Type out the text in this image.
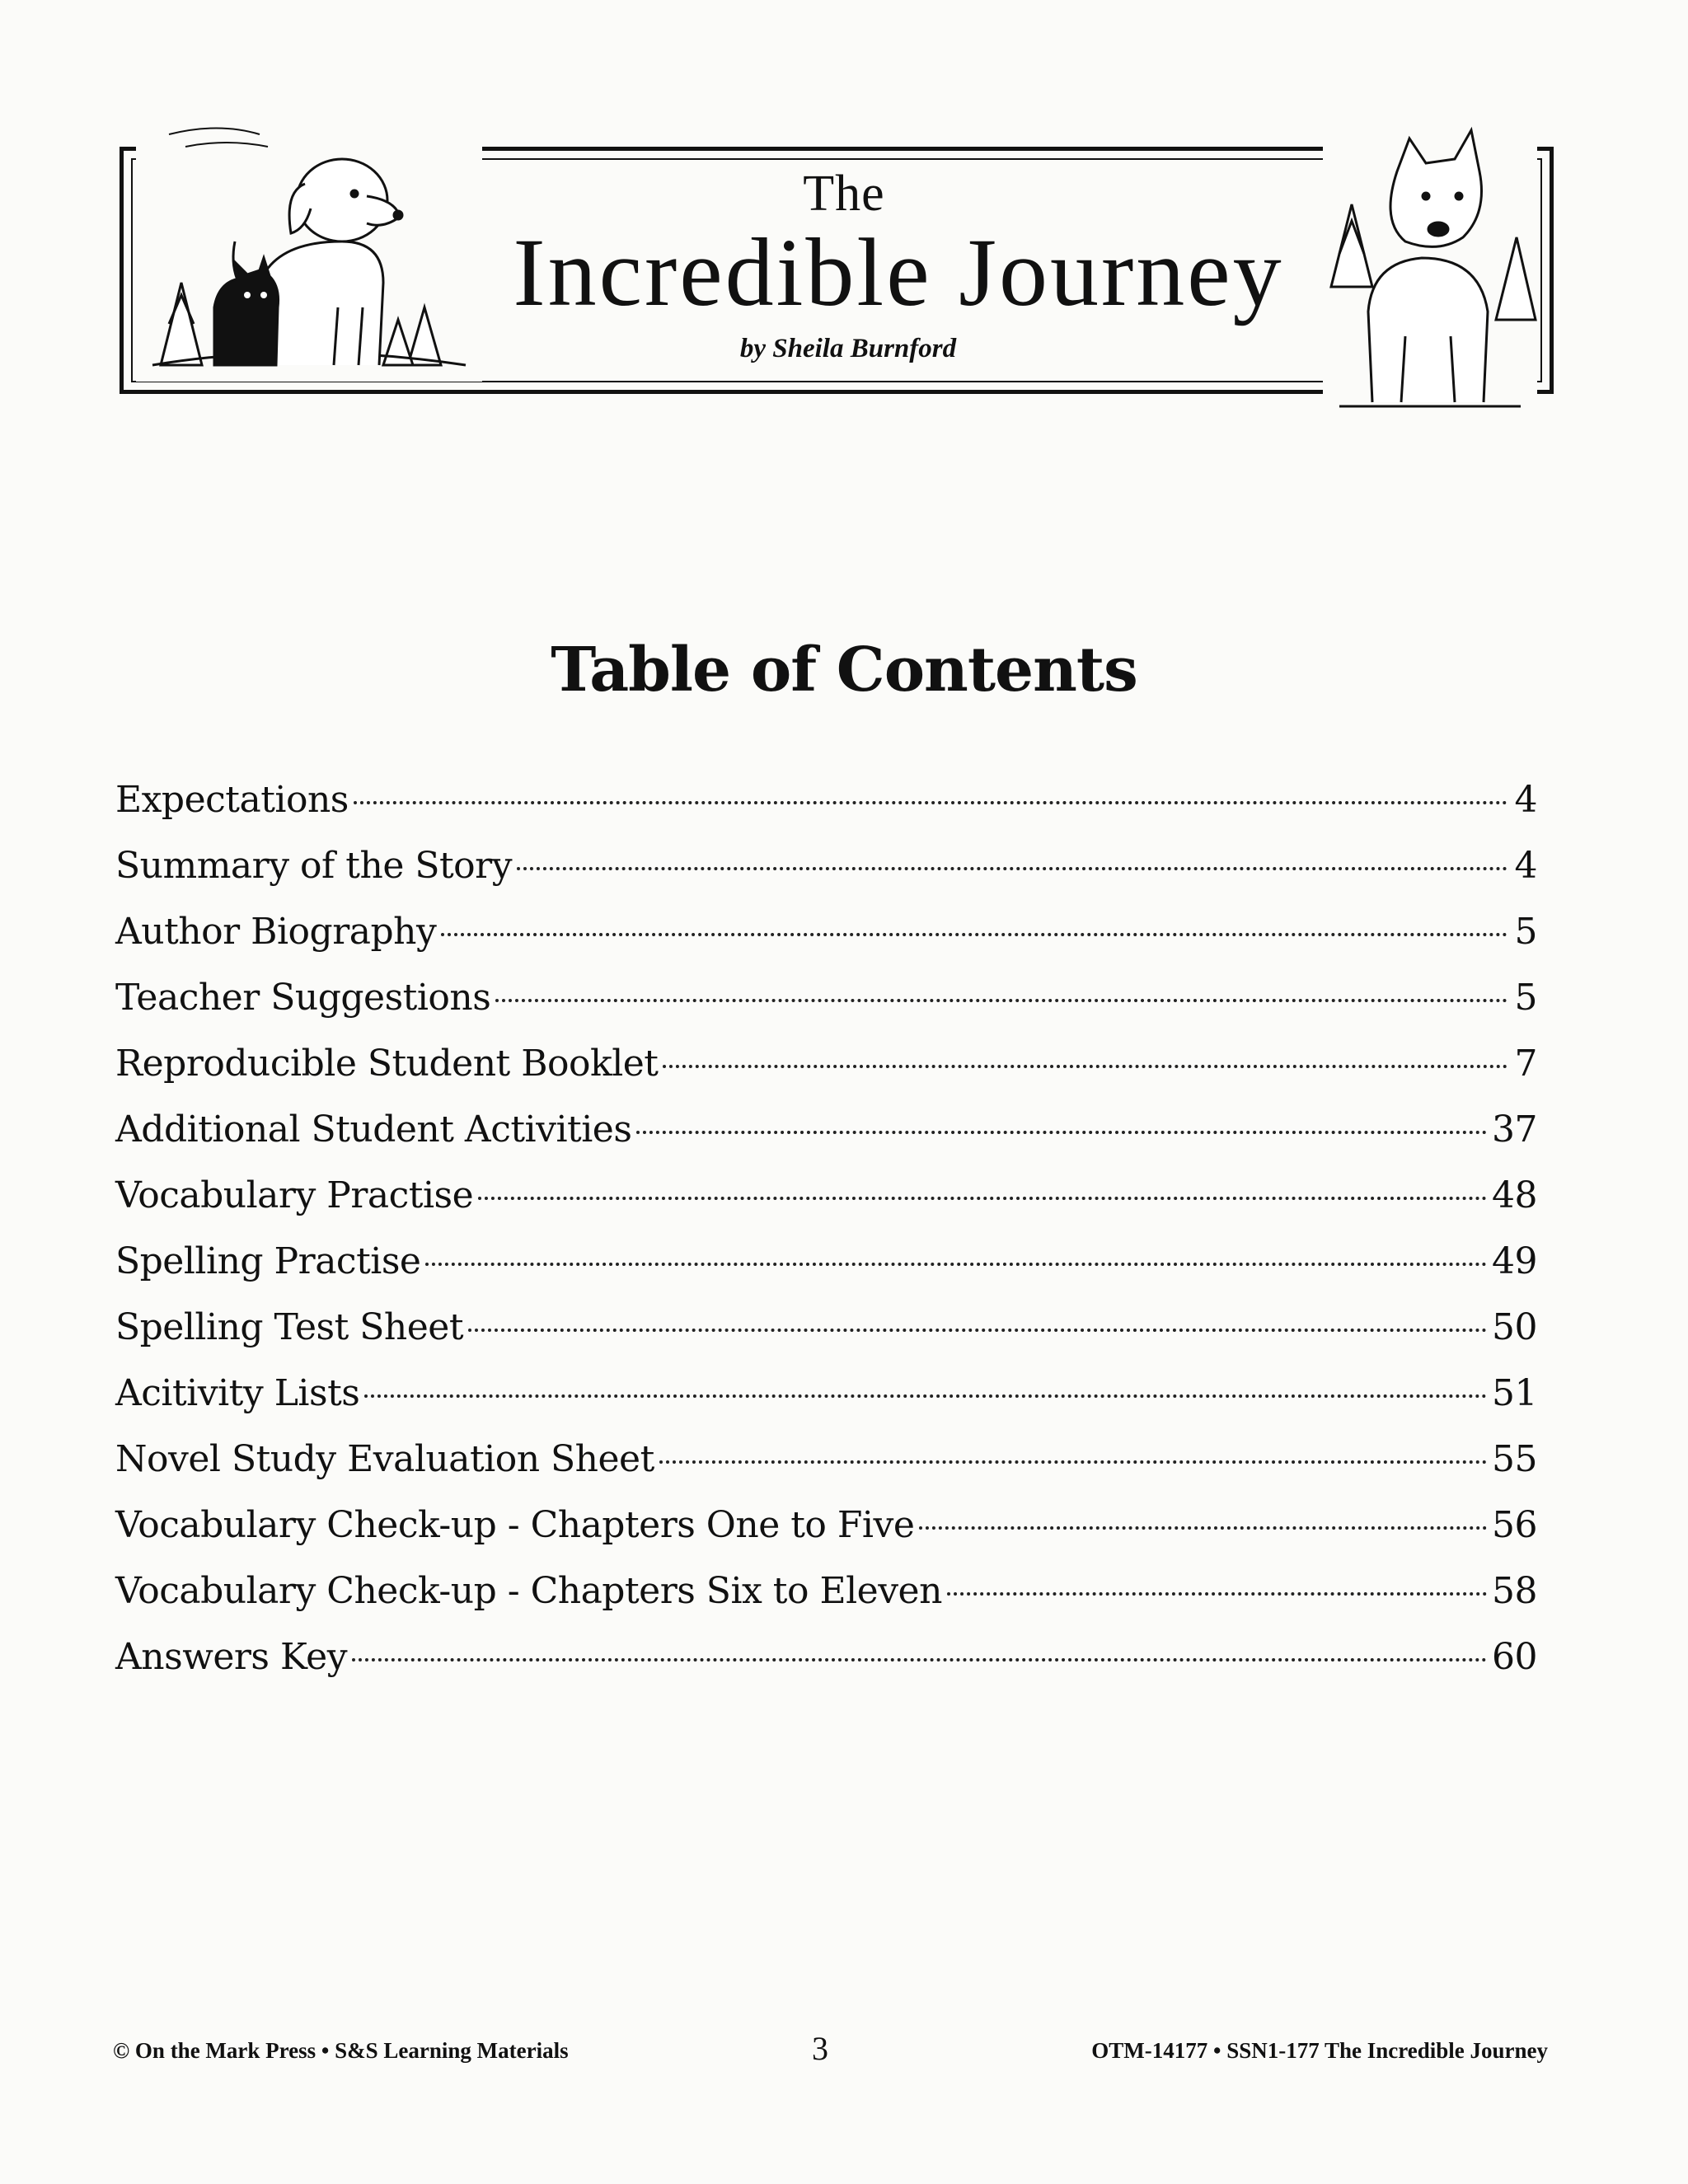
The
Incredible Journey
by Sheila Burnford
Table of Contents
Expectations	4
Summary of the Story	4
Author Biography	5
Teacher Suggestions	5
Reproducible Student Booklet	7
Additional Student Activities	37
Vocabulary Practise	48
Spelling Practise	49
Spelling Test Sheet	50
Acitivity Lists	51
Novel Study Evaluation Sheet	55
Vocabulary Check-up - Chapters One to Five	56
Vocabulary Check-up - Chapters Six to Eleven	58
Answers Key	60
© On the Mark Press • S&S Learning Materials	3	OTM-14177 • SSN1-177 The Incredible Journey
